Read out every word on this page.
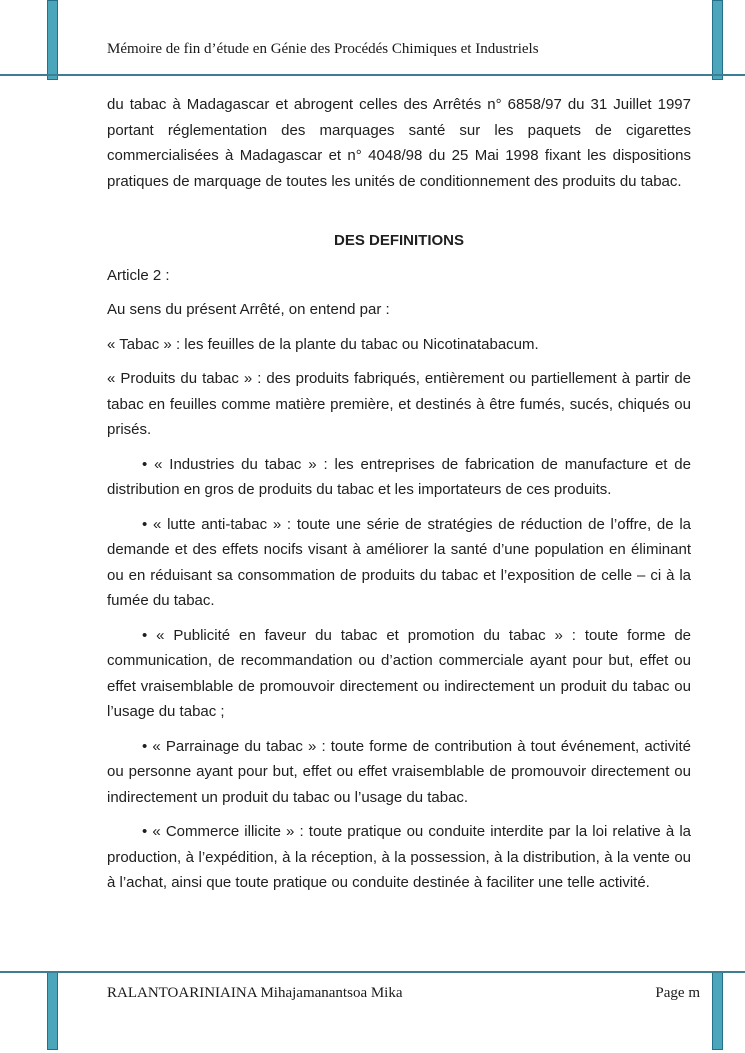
Mémoire de fin d’étude en Génie des Procédés Chimiques et Industriels

du tabac à Madagascar et abrogent celles des Arrêtés n° 6858/97 du 31 Juillet 1997 portant réglementation des marquages santé sur les paquets de cigarettes commercialisées à Madagascar et n° 4048/98 du 25 Mai 1998 fixant les dispositions pratiques de marquage de toutes les unités de conditionnement des produits du tabac.

DES DEFINITIONS

Article 2 :

Au sens du présent Arrêté, on entend par :

« Tabac » : les feuilles de la plante du tabac ou Nicotinatabacum.

« Produits du tabac » : des produits fabriqués, entièrement ou partiellement à partir de tabac en feuilles comme matière première, et destinés à être fumés, sucés, chiqués ou prisés.

• « Industries du tabac » : les entreprises de fabrication de manufacture et de distribution en gros de produits du tabac et les importateurs de ces produits.

• « lutte anti-tabac » : toute une série de stratégies de réduction de l’offre, de la demande et des effets nocifs visant à améliorer la santé d’une population en éliminant ou en réduisant sa consommation de produits du tabac et l’exposition de celle – ci à la fumée du tabac.

• « Publicité en faveur du tabac et promotion du tabac » : toute forme de communication, de recommandation ou d’action commerciale ayant pour but, effet ou effet vraisemblable de promouvoir directement ou indirectement un produit du tabac ou l’usage du tabac ;

• « Parrainage du tabac » : toute forme de contribution à tout événement, activité ou personne ayant pour but, effet ou effet vraisemblable de promouvoir directement ou indirectement un produit du tabac ou l’usage du tabac.

• « Commerce illicite » : toute pratique ou conduite interdite par la loi relative à la production, à l’expédition, à la réception, à la possession, à la distribution, à la vente ou à l’achat, ainsi que toute pratique ou conduite destinée à faciliter une telle activité.

RALANTOARINIAINA Mihajamanantsoa Mika	Page m
